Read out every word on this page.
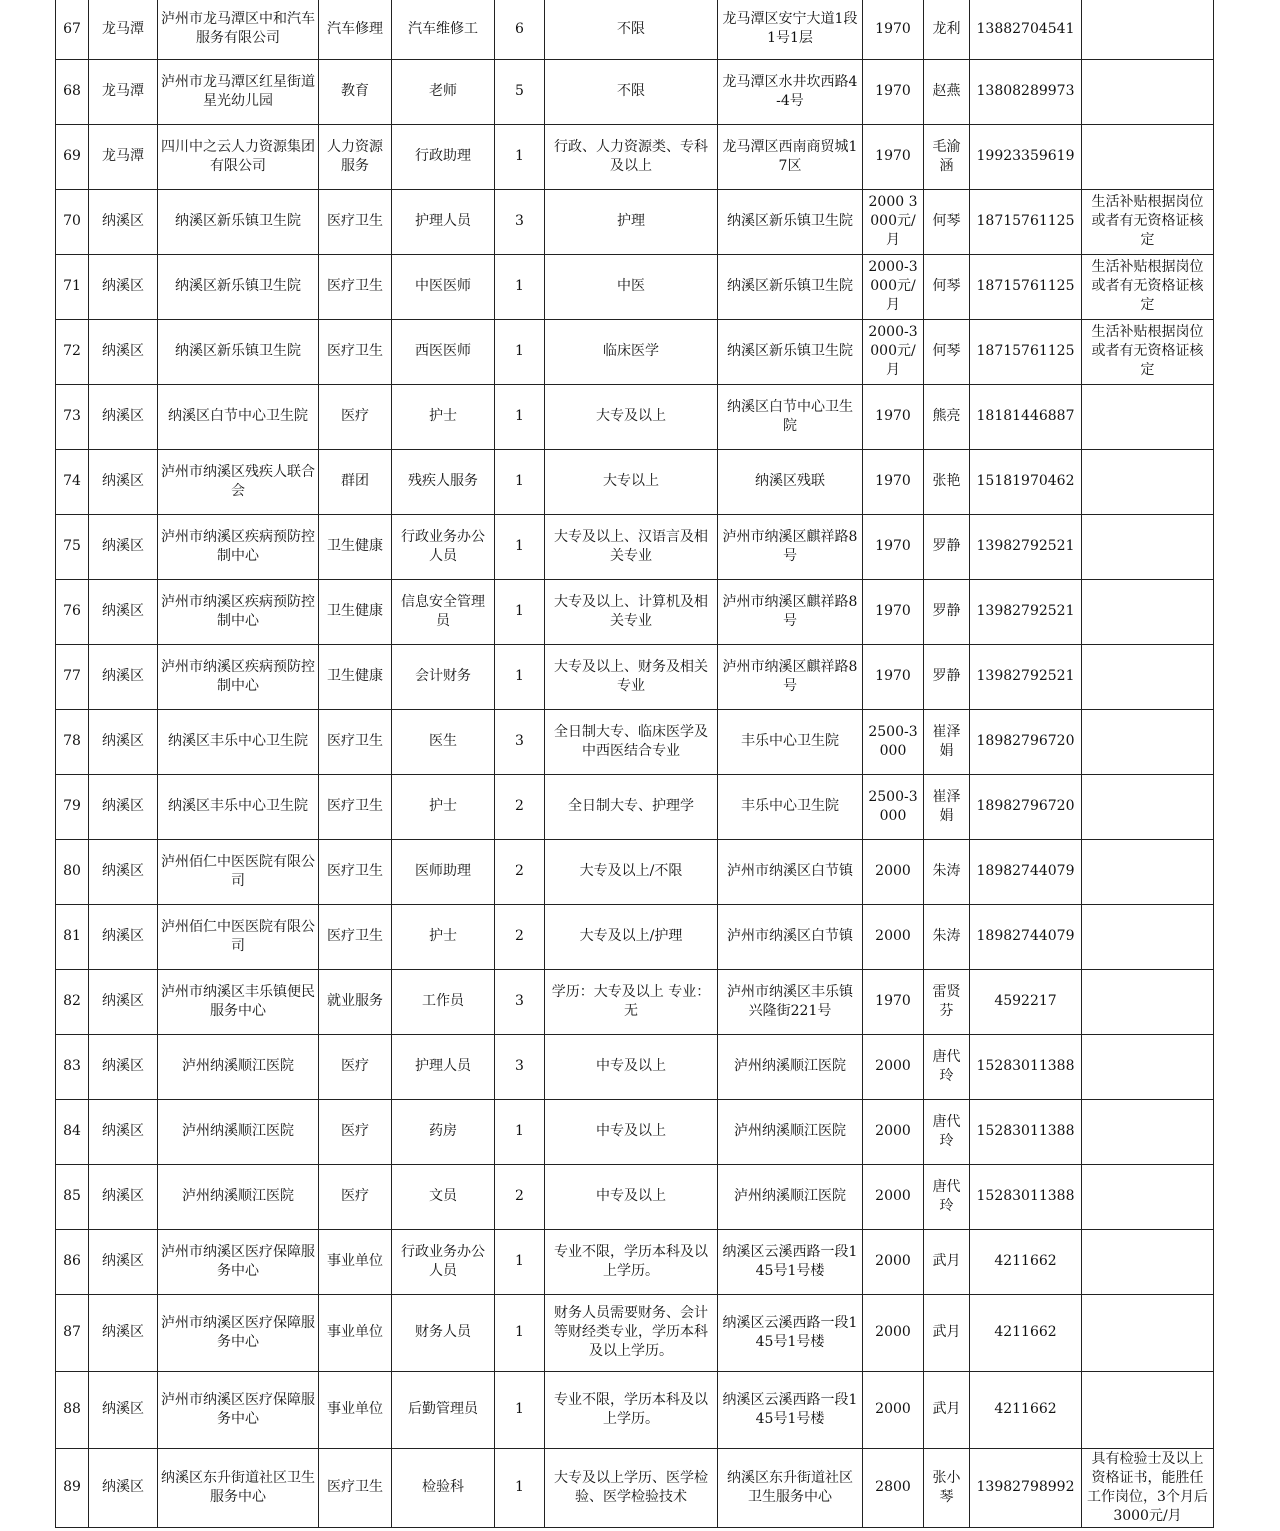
67	龙马潭	泸州市龙马潭区中和汽车服务有限公司	汽车修理	汽车维修工	6	不限	龙马潭区安宁大道1段1号1层	1970	龙利	13882704541	
68	龙马潭	泸州市龙马潭区红星街道星光幼儿园	教育	老师	5	不限	龙马潭区水井坎西路4-4号	1970	赵燕	13808289973	
69	龙马潭	四川中之云人力资源集团有限公司	人力资源服务	行政助理	1	行政、人力资源类、专科及以上	龙马潭区西南商贸城17区	1970	毛渝涵	19923359619	
70	纳溪区	纳溪区新乐镇卫生院	医疗卫生	护理人员	3	护理	纳溪区新乐镇卫生院	2000 3000元/月	何琴	18715761125	生活补贴根据岗位或者有无资格证核定
71	纳溪区	纳溪区新乐镇卫生院	医疗卫生	中医医师	1	中医	纳溪区新乐镇卫生院	2000-3000元/月	何琴	18715761125	生活补贴根据岗位或者有无资格证核定
72	纳溪区	纳溪区新乐镇卫生院	医疗卫生	西医医师	1	临床医学	纳溪区新乐镇卫生院	2000-3000元/月	何琴	18715761125	生活补贴根据岗位或者有无资格证核定
73	纳溪区	纳溪区白节中心卫生院	医疗	护士	1	大专及以上	纳溪区白节中心卫生院	1970	熊亮	18181446887	
74	纳溪区	泸州市纳溪区残疾人联合会	群团	残疾人服务	1	大专以上	纳溪区残联	1970	张艳	15181970462	
75	纳溪区	泸州市纳溪区疾病预防控制中心	卫生健康	行政业务办公人员	1	大专及以上、汉语言及相关专业	泸州市纳溪区麒祥路8号	1970	罗静	13982792521	
76	纳溪区	泸州市纳溪区疾病预防控制中心	卫生健康	信息安全管理员	1	大专及以上、计算机及相关专业	泸州市纳溪区麒祥路8号	1970	罗静	13982792521	
77	纳溪区	泸州市纳溪区疾病预防控制中心	卫生健康	会计财务	1	大专及以上、财务及相关专业	泸州市纳溪区麒祥路8号	1970	罗静	13982792521	
78	纳溪区	纳溪区丰乐中心卫生院	医疗卫生	医生	3	全日制大专、临床医学及中西医结合专业	丰乐中心卫生院	2500-3000	崔泽娟	18982796720	
79	纳溪区	纳溪区丰乐中心卫生院	医疗卫生	护士	2	全日制大专、护理学	丰乐中心卫生院	2500-3000	崔泽娟	18982796720	
80	纳溪区	泸州佰仁中医医院有限公司	医疗卫生	医师助理	2	大专及以上/不限	泸州市纳溪区白节镇	2000	朱涛	18982744079	
81	纳溪区	泸州佰仁中医医院有限公司	医疗卫生	护士	2	大专及以上/护理	泸州市纳溪区白节镇	2000	朱涛	18982744079	
82	纳溪区	泸州市纳溪区丰乐镇便民服务中心	就业服务	工作员	3	学历：大专及以上 专业：无	泸州市纳溪区丰乐镇兴隆街221号	1970	雷贤芬	4592217	
83	纳溪区	泸州纳溪顺江医院	医疗	护理人员	3	中专及以上	泸州纳溪顺江医院	2000	唐代玲	15283011388	
84	纳溪区	泸州纳溪顺江医院	医疗	药房	1	中专及以上	泸州纳溪顺江医院	2000	唐代玲	15283011388	
85	纳溪区	泸州纳溪顺江医院	医疗	文员	2	中专及以上	泸州纳溪顺江医院	2000	唐代玲	15283011388	
86	纳溪区	泸州市纳溪区医疗保障服务中心	事业单位	行政业务办公人员	1	专业不限，学历本科及以上学历。	纳溪区云溪西路一段145号1号楼	2000	武月	4211662	
87	纳溪区	泸州市纳溪区医疗保障服务中心	事业单位	财务人员	1	财务人员需要财务、会计等财经类专业，学历本科及以上学历。	纳溪区云溪西路一段145号1号楼	2000	武月	4211662	
88	纳溪区	泸州市纳溪区医疗保障服务中心	事业单位	后勤管理员	1	专业不限，学历本科及以上学历。	纳溪区云溪西路一段145号1号楼	2000	武月	4211662	
89	纳溪区	纳溪区东升街道社区卫生服务中心	医疗卫生	检验科	1	大专及以上学历、医学检验、医学检验技术	纳溪区东升街道社区卫生服务中心	2800	张小琴	13982798992	具有检验士及以上资格证书，能胜任工作岗位，3个月后3000元/月
